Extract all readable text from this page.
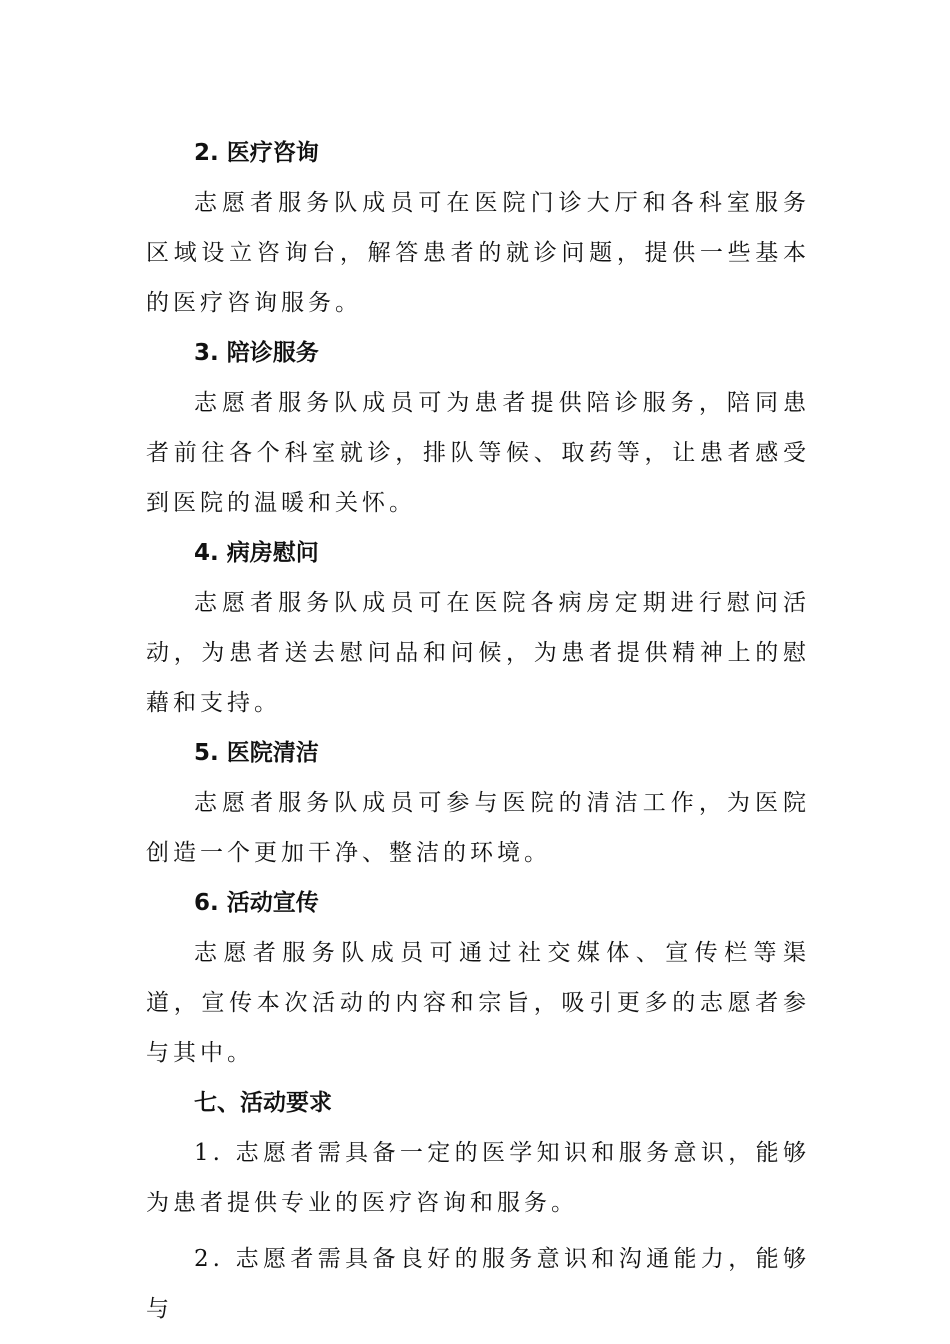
2. 医疗咨询

志愿者服务队成员可在医院门诊大厅和各科室服务区域设立咨询台，解答患者的就诊问题，提供一些基本的医疗咨询服务。

3. 陪诊服务

志愿者服务队成员可为患者提供陪诊服务，陪同患者前往各个科室就诊，排队等候、取药等，让患者感受到医院的温暖和关怀。

4. 病房慰问

志愿者服务队成员可在医院各病房定期进行慰问活动，为患者送去慰问品和问候，为患者提供精神上的慰藉和支持。

5. 医院清洁

志愿者服务队成员可参与医院的清洁工作，为医院创造一个更加干净、整洁的环境。

6. 活动宣传

志愿者服务队成员可通过社交媒体、宣传栏等渠道，宣传本次活动的内容和宗旨，吸引更多的志愿者参与其中。

七、活动要求

1. 志愿者需具备一定的医学知识和服务意识，能够为患者提供专业的医疗咨询和服务。

2. 志愿者需具备良好的服务意识和沟通能力，能够与
